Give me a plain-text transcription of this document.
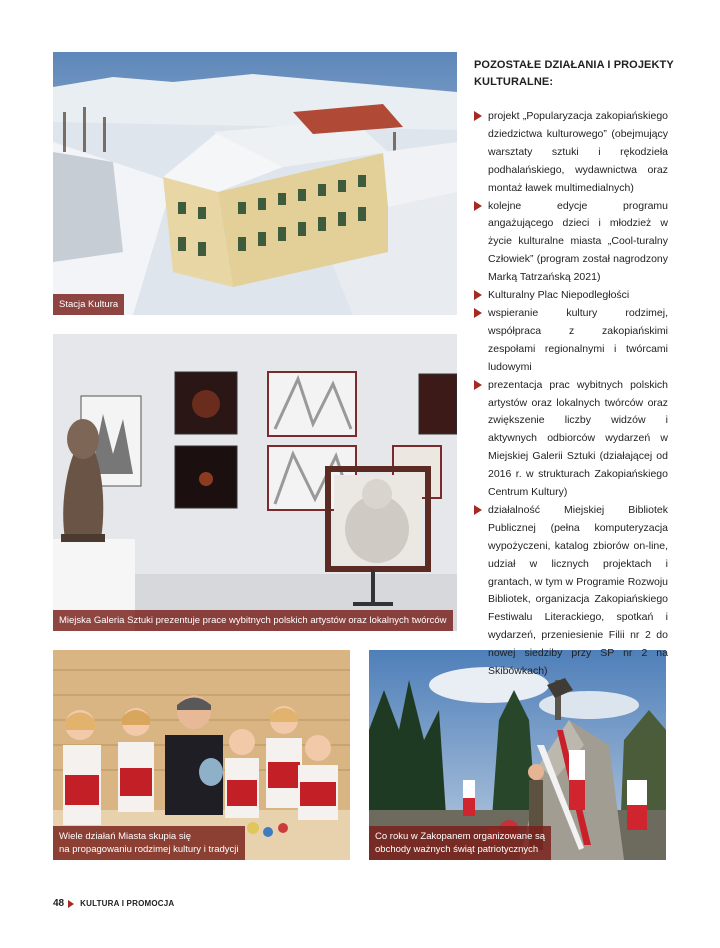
Stacja Kultura
Miejska Galeria Sztuki prezentuje prace wybitnych polskich artystów oraz lokalnych twórców
Wiele działań Miasta skupia się
na propagowaniu rodzimej kultury i tradycji
Co roku w Zakopanem organizowane są
obchody ważnych świąt patriotycznych
POZOSTAŁE DZIAŁANIA I PROJEKTY KULTURALNE:
projekt „Popularyzacja zakopiańskiego dziedzictwa kulturowego” (obejmujący warsztaty sztuki i rękodzieła podhalańskiego, wydawnictwa oraz montaż ławek multimedialnych)
kolejne edycje programu angażującego dzieci i młodzież w życie kulturalne miasta „Cool-turalny Człowiek” (program został nagrodzony Marką Tatrzańską 2021)
Kulturalny Plac Niepodległości
wspieranie kultury rodzimej, współpraca z zakopiańskimi zespołami regionalnymi i twórcami ludowymi
prezentacja prac wybitnych polskich artystów oraz lokalnych twórców oraz zwiększenie liczby widzów i aktywnych odbiorców wydarzeń w Miejskiej Galerii Sztuki (działającej od 2016 r. w strukturach Zakopiańskiego Centrum Kultury)
działalność Miejskiej Bibliotek Publicznej (pełna komputeryzacja wypożyczeni, katalog zbiorów on-line, udział w licznych projektach i grantach, w tym w Programie Rozwoju Bibliotek, organizacja Zakopiańskiego Festiwalu Literackiego, spotkań i wydarzeń, przeniesienie Filii nr 2 do nowej siedziby przy SP nr 2 na Skibówkach)
48 KULTURA I PROMOCJA
